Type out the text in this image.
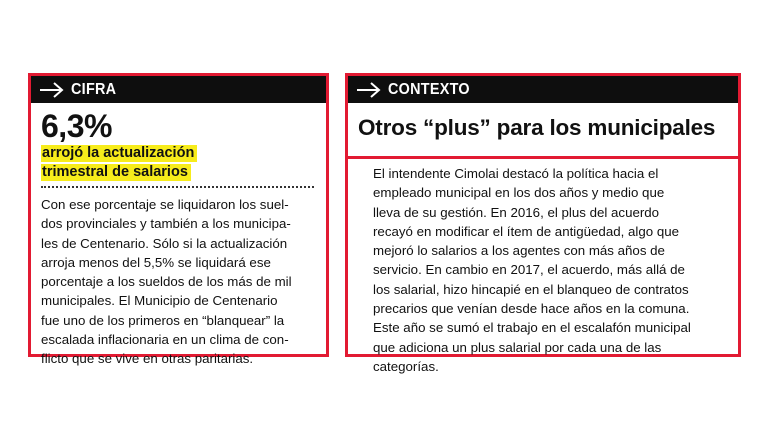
CIFRA
6,3%
arrojó la actualización
trimestral de salarios
Con ese porcentaje se liquidaron los suel-
dos provinciales y también a los municipa-
les de Centenario. Sólo si la actualización
arroja menos del 5,5% se liquidará ese
porcentaje a los sueldos de los más de mil
municipales. El Municipio de Centenario
fue uno de los primeros en “blanquear” la
escalada inflacionaria en un clima de con-
flicto que se vive en otras paritarias.
CONTEXTO
Otros “plus” para los municipales
El intendente Cimolai destacó la política hacia el
empleado municipal en los dos años y medio que
lleva de su gestión. En 2016, el plus del acuerdo
recayó en modificar el ítem de antigüedad, algo que
mejoró lo salarios a los agentes con más años de
servicio. En cambio en 2017, el acuerdo, más allá de
los salarial, hizo hincapié en el blanqueo de contratos
precarios que venían desde hace años en la comuna.
Este año se sumó el trabajo en el escalafón municipal
que adiciona un plus salarial por cada una de las
categorías.
